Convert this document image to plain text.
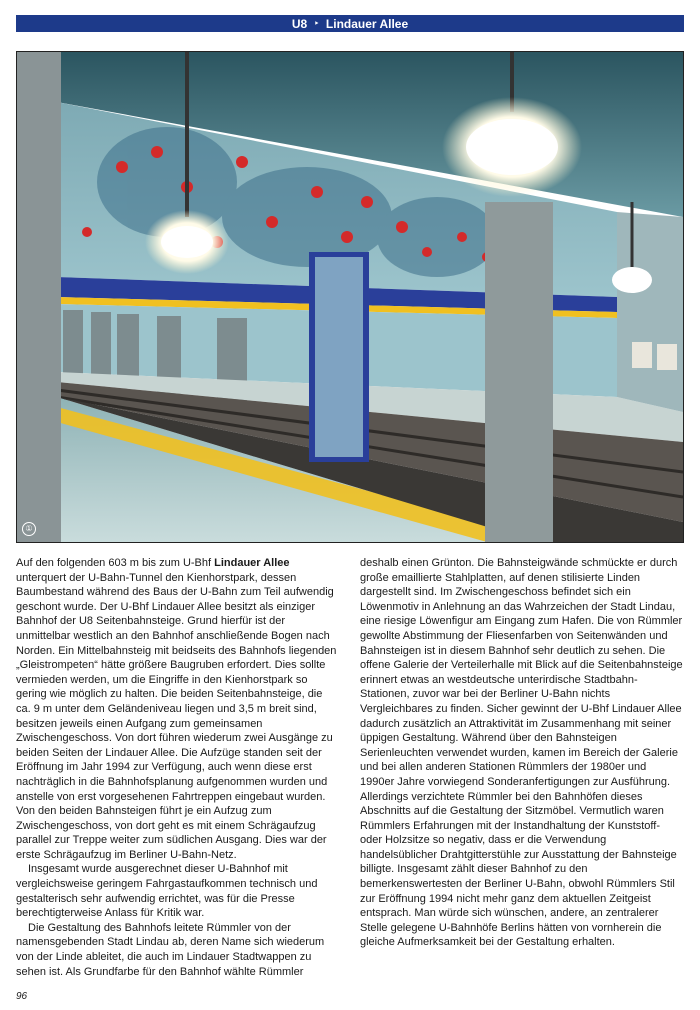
U8 ‣ Lindauer Allee
①

Auf den folgenden 603 m bis zum U-Bhf Lindauer Allee unterquert der U-Bahn-Tunnel den Kienhorstpark, dessen Baumbestand während des Baus der U-Bahn zum Teil aufwendig geschont wurde. Der U-Bhf Lindauer Allee besitzt als einziger Bahnhof der U8 Seitenbahnsteige. Grund hierfür ist der unmittelbar westlich an den Bahnhof anschließende Bogen nach Norden. Ein Mittelbahnsteig mit beidseits des Bahnhofs liegenden „Gleistrompeten“ hätte größere Baugruben erfordert. Dies sollte vermieden werden, um die Eingriffe in den Kienhorstpark so gering wie möglich zu halten. Die beiden Seitenbahnsteige, die ca. 9 m unter dem Geländeniveau liegen und 3,5 m breit sind, besitzen jeweils einen Aufgang zum gemeinsamen Zwischengeschoss. Von dort führen wiederum zwei Ausgänge zu beiden Seiten der Lindauer Allee. Die Aufzüge standen seit der Eröffnung im Jahr 1994 zur Verfügung, auch wenn diese erst nachträglich in die Bahnhofsplanung aufgenommen wurden und anstelle von erst vorgesehenen Fahrtreppen eingebaut wurden. Von den beiden Bahnsteigen führt je ein Aufzug zum Zwischengeschoss, von dort geht es mit einem Schrägaufzug parallel zur Treppe weiter zum südlichen Ausgang. Dies war der erste Schrägaufzug im Berliner U-Bahn-Netz.

Insgesamt wurde ausgerechnet dieser U-Bahnhof mit vergleichsweise geringem Fahrgastaufkommen technisch und gestalterisch sehr aufwendig errichtet, was für die Presse berechtigterweise Anlass für Kritik war.

Die Gestaltung des Bahnhofs leitete Rümmler von der namensgebenden Stadt Lindau ab, deren Name sich wiederum von der Linde ableitet, die auch im Lindauer Stadtwappen zu sehen ist. Als Grundfarbe für den Bahnhof wählte Rümmler

deshalb einen Grünton. Die Bahnsteigwände schmückte er durch große emaillierte Stahlplatten, auf denen stilisierte Linden dargestellt sind. Im Zwischengeschoss befindet sich ein Löwenmotiv in Anlehnung an das Wahrzeichen der Stadt Lindau, eine riesige Löwenfigur am Eingang zum Hafen. Die von Rümmler gewollte Abstimmung der Fliesenfarben von Seitenwänden und Bahnsteigen ist in diesem Bahnhof sehr deutlich zu sehen. Die offene Galerie der Verteilerhalle mit Blick auf die Seitenbahnsteige erinnert etwas an westdeutsche unterirdische Stadtbahn-Stationen, zuvor war bei der Berliner U-Bahn nichts Vergleichbares zu finden. Sicher gewinnt der U-Bhf Lindauer Allee dadurch zusätzlich an Attraktivität im Zusammenhang mit seiner üppigen Gestaltung. Während über den Bahnsteigen Serienleuchten verwendet wurden, kamen im Bereich der Galerie und bei allen anderen Stationen Rümmlers der 1980er und 1990er Jahre vorwiegend Sonderanfertigungen zur Ausführung. Allerdings verzichtete Rümmler bei den Bahnhöfen dieses Abschnitts auf die Gestaltung der Sitzmöbel. Vermutlich waren Rümmlers Erfahrungen mit der Instandhaltung der Kunststoff- oder Holzsitze so negativ, dass er die Verwendung handelsüblicher Drahtgitterstühle zur Ausstattung der Bahnsteige billigte. Insgesamt zählt dieser Bahnhof zu den bemerkenswertesten der Berliner U-Bahn, obwohl Rümmlers Stil zur Eröffnung 1994 nicht mehr ganz dem aktuellen Zeitgeist entsprach. Man würde sich wünschen, andere, an zentralerer Stelle gelegene U-Bahnhöfe Berlins hätten von vornherein die gleiche Aufmerksamkeit bei der Gestaltung erhalten.

96
